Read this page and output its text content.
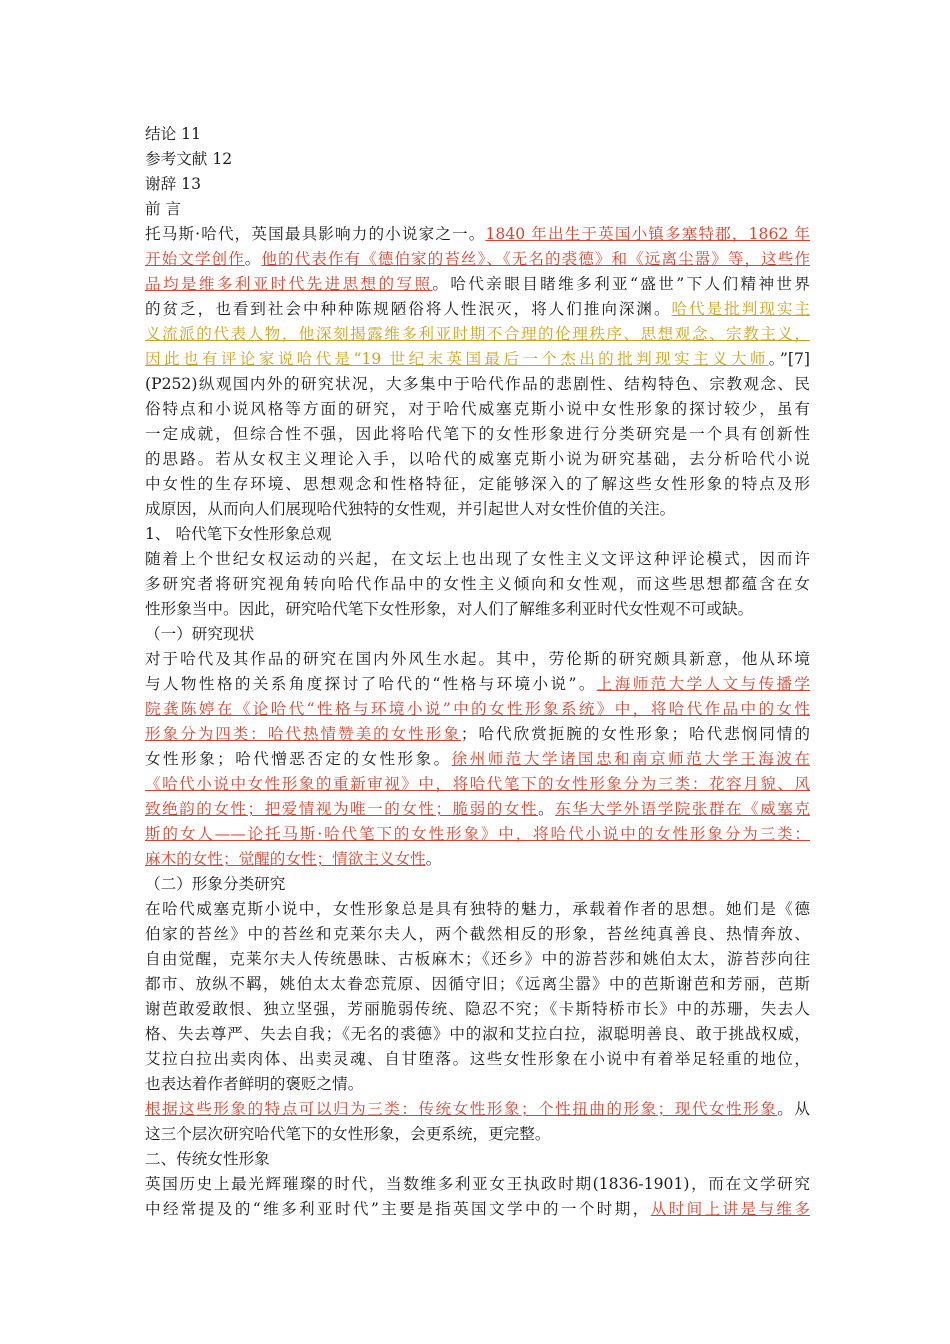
结论 11
参考文献 12
谢辞 13
前 言
托马斯·哈代，英国最具影响力的小说家之一。1840 年出生于英国小镇多塞特郡，1862 年
开始文学创作。他的代表作有《德伯家的苔丝》、《无名的裘德》和《远离尘嚣》等，这些作
品均是维多利亚时代先进思想的写照。哈代亲眼目睹维多利亚“盛世”下人们精神世界
的贫乏，也看到社会中种种陈规陋俗将人性泯灭，将人们推向深渊。哈代是批判现实主
义流派的代表人物，他深刻揭露维多利亚时期不合理的伦理秩序、思想观念、宗教主义，
因此也有评论家说哈代是“19 世纪末英国最后一个杰出的批判现实主义大师。”[7]
(P252)纵观国内外的研究状况，大多集中于哈代作品的悲剧性、结构特色、宗教观念、民
俗特点和小说风格等方面的研究，对于哈代威塞克斯小说中女性形象的探讨较少，虽有
一定成就，但综合性不强，因此将哈代笔下的女性形象进行分类研究是一个具有创新性
的思路。若从女权主义理论入手，以哈代的威塞克斯小说为研究基础，去分析哈代小说
中女性的生存环境、思想观念和性格特征，定能够深入的了解这些女性形象的特点及形
成原因，从而向人们展现哈代独特的女性观，并引起世人对女性价值的关注。
1、 哈代笔下女性形象总观
随着上个世纪女权运动的兴起，在文坛上也出现了女性主义文评这种评论模式，因而许
多研究者将研究视角转向哈代作品中的女性主义倾向和女性观，而这些思想都蕴含在女
性形象当中。因此，研究哈代笔下女性形象，对人们了解维多利亚时代女性观不可或缺。
（一）研究现状
对于哈代及其作品的研究在国内外风生水起。其中，劳伦斯的研究颇具新意，他从环境
与人物性格的关系角度探讨了哈代的“性格与环境小说”。上海师范大学人文与传播学
院龚陈婷在《论哈代“性格与环境小说”中的女性形象系统》中，将哈代作品中的女性
形象分为四类：哈代热情赞美的女性形象；哈代欣赏扼腕的女性形象；哈代悲悯同情的
女性形象；哈代憎恶否定的女性形象。徐州师范大学诸国忠和南京师范大学王海波在
《哈代小说中女性形象的重新审视》中，将哈代笔下的女性形象分为三类：花容月貌、风
致绝韵的女性；把爱情视为唯一的女性；脆弱的女性。东华大学外语学院张群在《威塞克
斯的女人——论托马斯·哈代笔下的女性形象》中，将哈代小说中的女性形象分为三类：
麻木的女性；觉醒的女性；情欲主义女性。
（二）形象分类研究
在哈代威塞克斯小说中，女性形象总是具有独特的魅力，承载着作者的思想。她们是《德
伯家的苔丝》中的苔丝和克莱尔夫人，两个截然相反的形象，苔丝纯真善良、热情奔放、
自由觉醒，克莱尔夫人传统愚昧、古板麻木；《还乡》中的游苔莎和姚伯太太，游苔莎向往
都市、放纵不羁，姚伯太太眷恋荒原、因循守旧；《远离尘嚣》中的芭斯谢芭和芳丽，芭斯
谢芭敢爱敢恨、独立坚强，芳丽脆弱传统、隐忍不究；《卡斯特桥市长》中的苏珊，失去人
格、失去尊严、失去自我；《无名的裘德》中的淑和艾拉白拉，淑聪明善良、敢于挑战权威，
艾拉白拉出卖肉体、出卖灵魂、自甘堕落。这些女性形象在小说中有着举足轻重的地位，
也表达着作者鲜明的褒贬之情。
根据这些形象的特点可以归为三类：传统女性形象；个性扭曲的形象；现代女性形象。从
这三个层次研究哈代笔下的女性形象，会更系统，更完整。
二、传统女性形象
英国历史上最光辉璀璨的时代，当数维多利亚女王执政时期(1836-1901)，而在文学研究
中经常提及的“维多利亚时代”主要是指英国文学中的一个时期，从时间上讲是与维多
